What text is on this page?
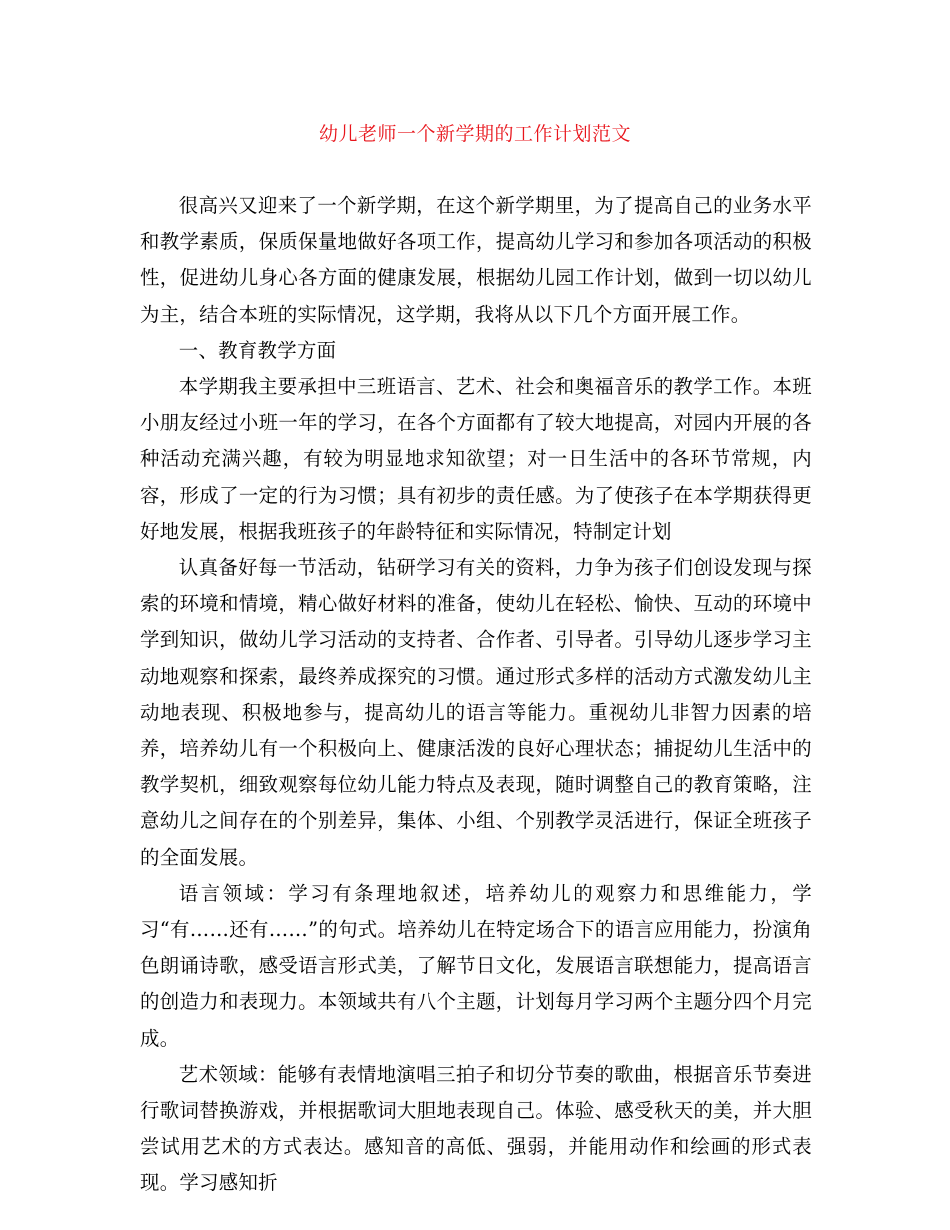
幼儿老师一个新学期的工作计划范文

很高兴又迎来了一个新学期，在这个新学期里，为了提高自己的业务水平和教学素质，保质保量地做好各项工作，提高幼儿学习和参加各项活动的积极性，促进幼儿身心各方面的健康发展，根据幼儿园工作计划，做到一切以幼儿为主，结合本班的实际情况，这学期，我将从以下几个方面开展工作。

一、教育教学方面

本学期我主要承担中三班语言、艺术、社会和奥福音乐的教学工作。本班小朋友经过小班一年的学习，在各个方面都有了较大地提高，对园内开展的各种活动充满兴趣，有较为明显地求知欲望；对一日生活中的各环节常规，内容，形成了一定的行为习惯；具有初步的责任感。为了使孩子在本学期获得更好地发展，根据我班孩子的年龄特征和实际情况，特制定计划

认真备好每一节活动，钻研学习有关的资料，力争为孩子们创设发现与探索的环境和情境，精心做好材料的准备，使幼儿在轻松、愉快、互动的环境中学到知识，做幼儿学习活动的支持者、合作者、引导者。引导幼儿逐步学习主动地观察和探索，最终养成探究的习惯。通过形式多样的活动方式激发幼儿主动地表现、积极地参与，提高幼儿的语言等能力。重视幼儿非智力因素的培养，培养幼儿有一个积极向上、健康活泼的良好心理状态；捕捉幼儿生活中的教学契机，细致观察每位幼儿能力特点及表现，随时调整自己的教育策略，注意幼儿之间存在的个别差异，集体、小组、个别教学灵活进行，保证全班孩子的全面发展。

语言领域：学习有条理地叙述，培养幼儿的观察力和思维能力，学习“有……还有……”的句式。培养幼儿在特定场合下的语言应用能力，扮演角色朗诵诗歌，感受语言形式美，了解节日文化，发展语言联想能力，提高语言的创造力和表现力。本领域共有八个主题，计划每月学习两个主题分四个月完成。

艺术领域：能够有表情地演唱三拍子和切分节奏的歌曲，根据音乐节奏进行歌词替换游戏，并根据歌词大胆地表现自己。体验、感受秋天的美，并大胆尝试用艺术的方式表达。感知音的高低、强弱，并能用动作和绘画的形式表现。学习感知折
